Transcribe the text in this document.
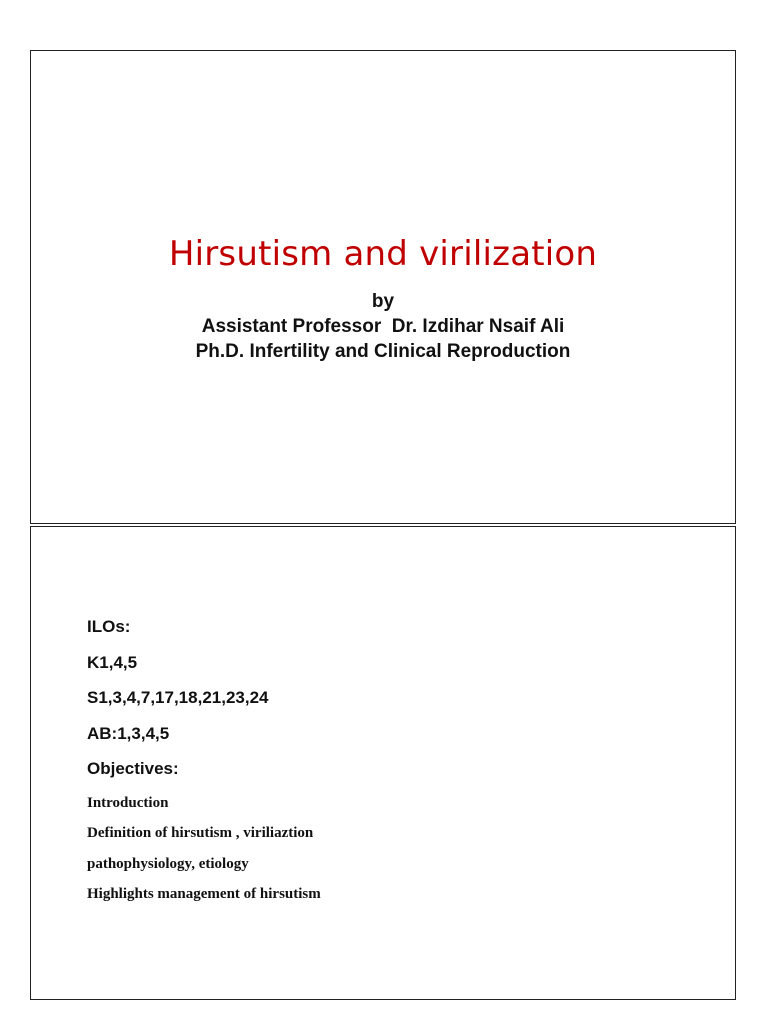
Hirsutism and virilization
by
Assistant Professor  Dr. Izdihar Nsaif Ali
Ph.D. Infertility and Clinical Reproduction
ILOs:
K1,4,5
S1,3,4,7,17,18,21,23,24
AB:1,3,4,5
Objectives:
Introduction
Definition of hirsutism , viriliaztion
pathophysiology, etiology
Highlights management of hirsutism
